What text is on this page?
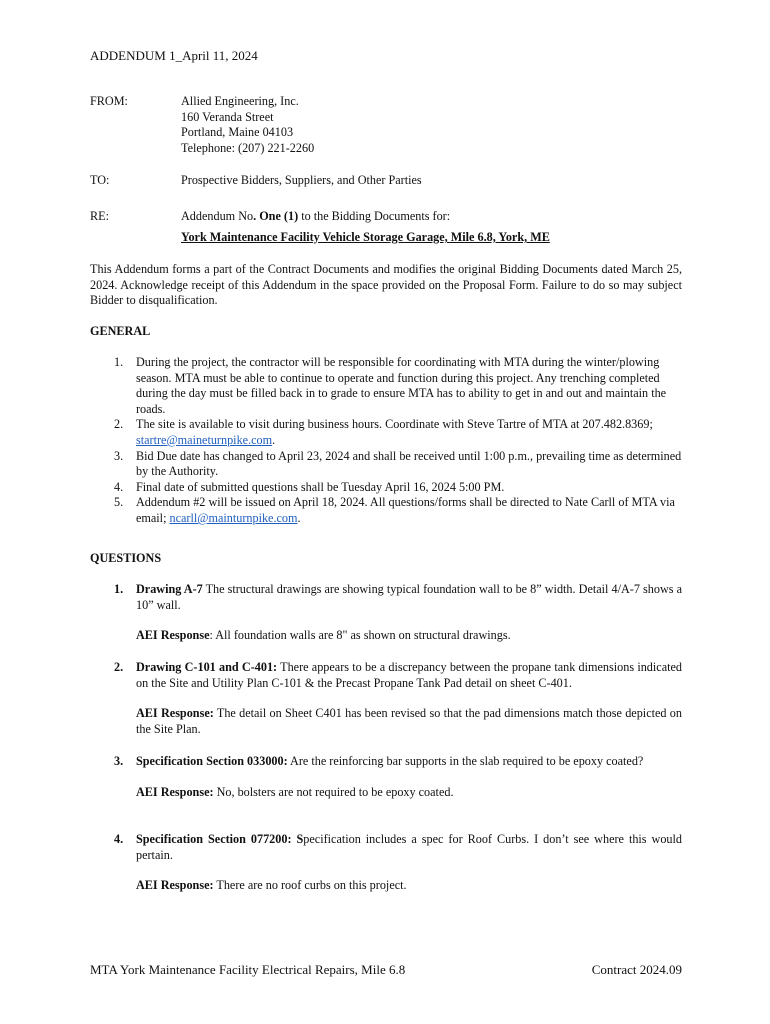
ADDENDUM 1_April 11, 2024
FROM:	Allied Engineering, Inc.
160 Veranda Street
Portland, Maine 04103
Telephone: (207) 221-2260
TO:	Prospective Bidders, Suppliers, and Other Parties
RE:	Addendum No. One (1) to the Bidding Documents for:
York Maintenance Facility Vehicle Storage Garage, Mile 6.8, York, ME
This Addendum forms a part of the Contract Documents and modifies the original Bidding Documents dated March 25, 2024. Acknowledge receipt of this Addendum in the space provided on the Proposal Form. Failure to do so may subject Bidder to disqualification.
GENERAL
1. During the project, the contractor will be responsible for coordinating with MTA during the winter/plowing season. MTA must be able to continue to operate and function during this project. Any trenching completed during the day must be filled back in to grade to ensure MTA has to ability to get in and out and maintain the roads.
2. The site is available to visit during business hours. Coordinate with Steve Tartre of MTA at 207.482.8369; startre@maineturnpike.com.
3. Bid Due date has changed to April 23, 2024 and shall be received until 1:00 p.m., prevailing time as determined by the Authority.
4. Final date of submitted questions shall be Tuesday April 16, 2024 5:00 PM.
5. Addendum #2 will be issued on April 18, 2024. All questions/forms shall be directed to Nate Carll of MTA via email; ncarll@mainturnpike.com.
QUESTIONS
1. Drawing A-7 The structural drawings are showing typical foundation wall to be 8” width. Detail 4/A-7 shows a 10” wall.
AEI Response: All foundation walls are 8" as shown on structural drawings.
2. Drawing C-101 and C-401: There appears to be a discrepancy between the propane tank dimensions indicated on the Site and Utility Plan C-101 & the Precast Propane Tank Pad detail on sheet C-401.
AEI Response: The detail on Sheet C401 has been revised so that the pad dimensions match those depicted on the Site Plan.
3. Specification Section 033000: Are the reinforcing bar supports in the slab required to be epoxy coated?
AEI Response: No, bolsters are not required to be epoxy coated.
4. Specification Section 077200: Specification includes a spec for Roof Curbs. I don’t see where this would pertain.
AEI Response: There are no roof curbs on this project.
MTA York Maintenance Facility Electrical Repairs, Mile 6.8	Contract 2024.09
